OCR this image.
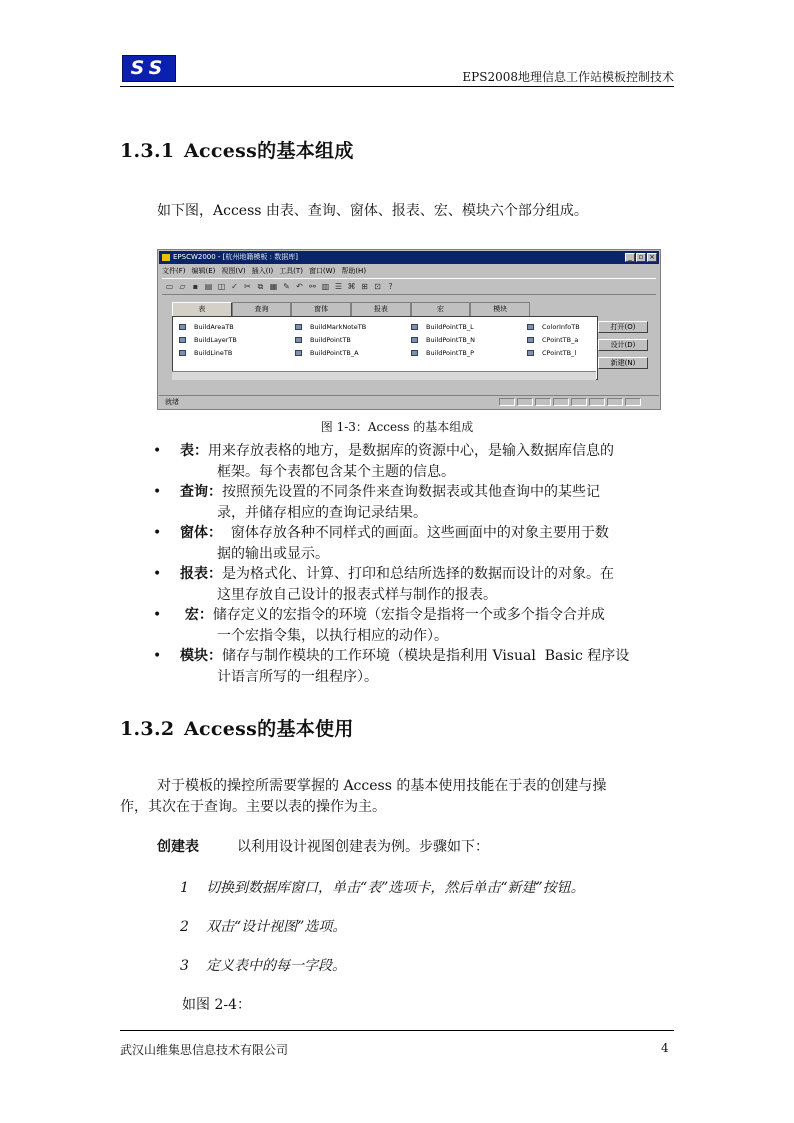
SS	EPS2008地理信息工作站模板控制技术
1.3.1 Access的基本组成
如下图，Access 由表、查询、窗体、报表、宏、模块六个部分组成。
EPSCW2000 - [杭州地籍模板 : 数据库]	_ ▫ ×
文件(F) 编辑(E) 视图(V) 插入(I) 工具(T) 窗口(W) 帮助(H)
▭ ▱ ▪ ▤ ◫ ✓ ✂ ⧉ ▦ ✎ ↶ ⚯ ▥ ☰ ⌘ ⊞ ⊡ ?
表	查询	窗体	报表	宏	模块
BuildAreaTB
BuildLayerTB
BuildLineTB
BuildMarkNoteTB
BuildPointTB
BuildPointTB_A
BuildPointTB_L
BuildPointTB_N
BuildPointTB_P
ColorInfoTB
CPointTB_a
CPointTB_l
打开(O)
设计(D)
新建(N)
就绪
图 1-3：Access 的基本组成
• 表：用来存放表格的地方，是数据库的资源中心，是输入数据库信息的
框架。每个表都包含某个主题的信息。
• 查询：按照预先设置的不同条件来查询数据表或其他查询中的某些记
录，并储存相应的查询记录结果。
• 窗体：  窗体存放各种不同样式的画面。这些画面中的对象主要用于数
据的输出或显示。
• 报表：是为格式化、计算、打印和总结所选择的数据而设计的对象。在
这里存放自己设计的报表式样与制作的报表。
• 宏：储存定义的宏指令的环境（宏指令是指将一个或多个指令合并成
一个宏指令集，以执行相应的动作）。
• 模块：储存与制作模块的工作环境（模块是指利用 Visual  Basic 程序设
计语言所写的一组程序）。
1.3.2 Access的基本使用
对于模板的操控所需要掌握的 Access 的基本使用技能在于表的创建与操
作，其次在于查询。主要以表的操作为主。
创建表	以利用设计视图创建表为例。步骤如下：
1 切换到数据库窗口，单击“表”选项卡，然后单击“新建”按钮。
2 双击“设计视图”选项。
3 定义表中的每一字段。
如图 2-4：
武汉山维集思信息技术有限公司	4
